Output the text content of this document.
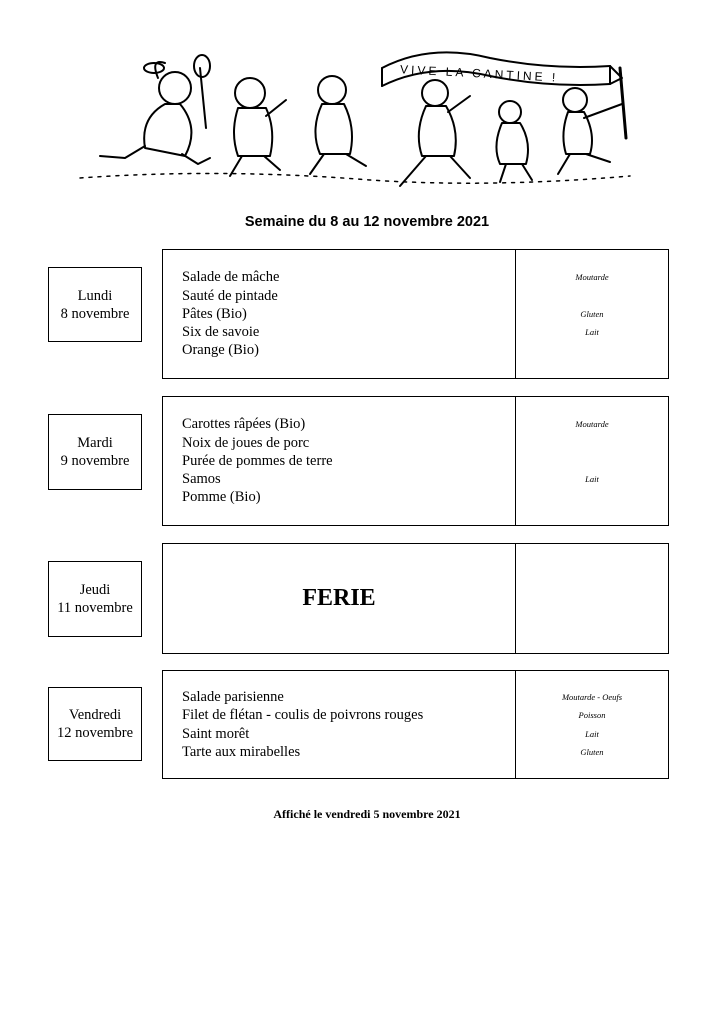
VIVE LA CANTINE !
Semaine du 8 au 12 novembre 2021
Lundi
8 novembre
Salade de mâche
Sauté de pintade
Pâtes (Bio)
Six de savoie
Orange (Bio)
Moutarde

Gluten
Lait

Mardi
9 novembre
Carottes râpées (Bio)
Noix de joues de porc
Purée de pommes de terre
Samos
Pomme (Bio)
Moutarde

Lait

Jeudi
11 novembre	FERIE
Vendredi
12 novembre
Salade parisienne
Filet de flétan - coulis de poivrons rouges
Saint morêt
Tarte aux mirabelles
Moutarde - Oeufs
Poisson
Lait
Gluten
Affiché le vendredi 5 novembre 2021
